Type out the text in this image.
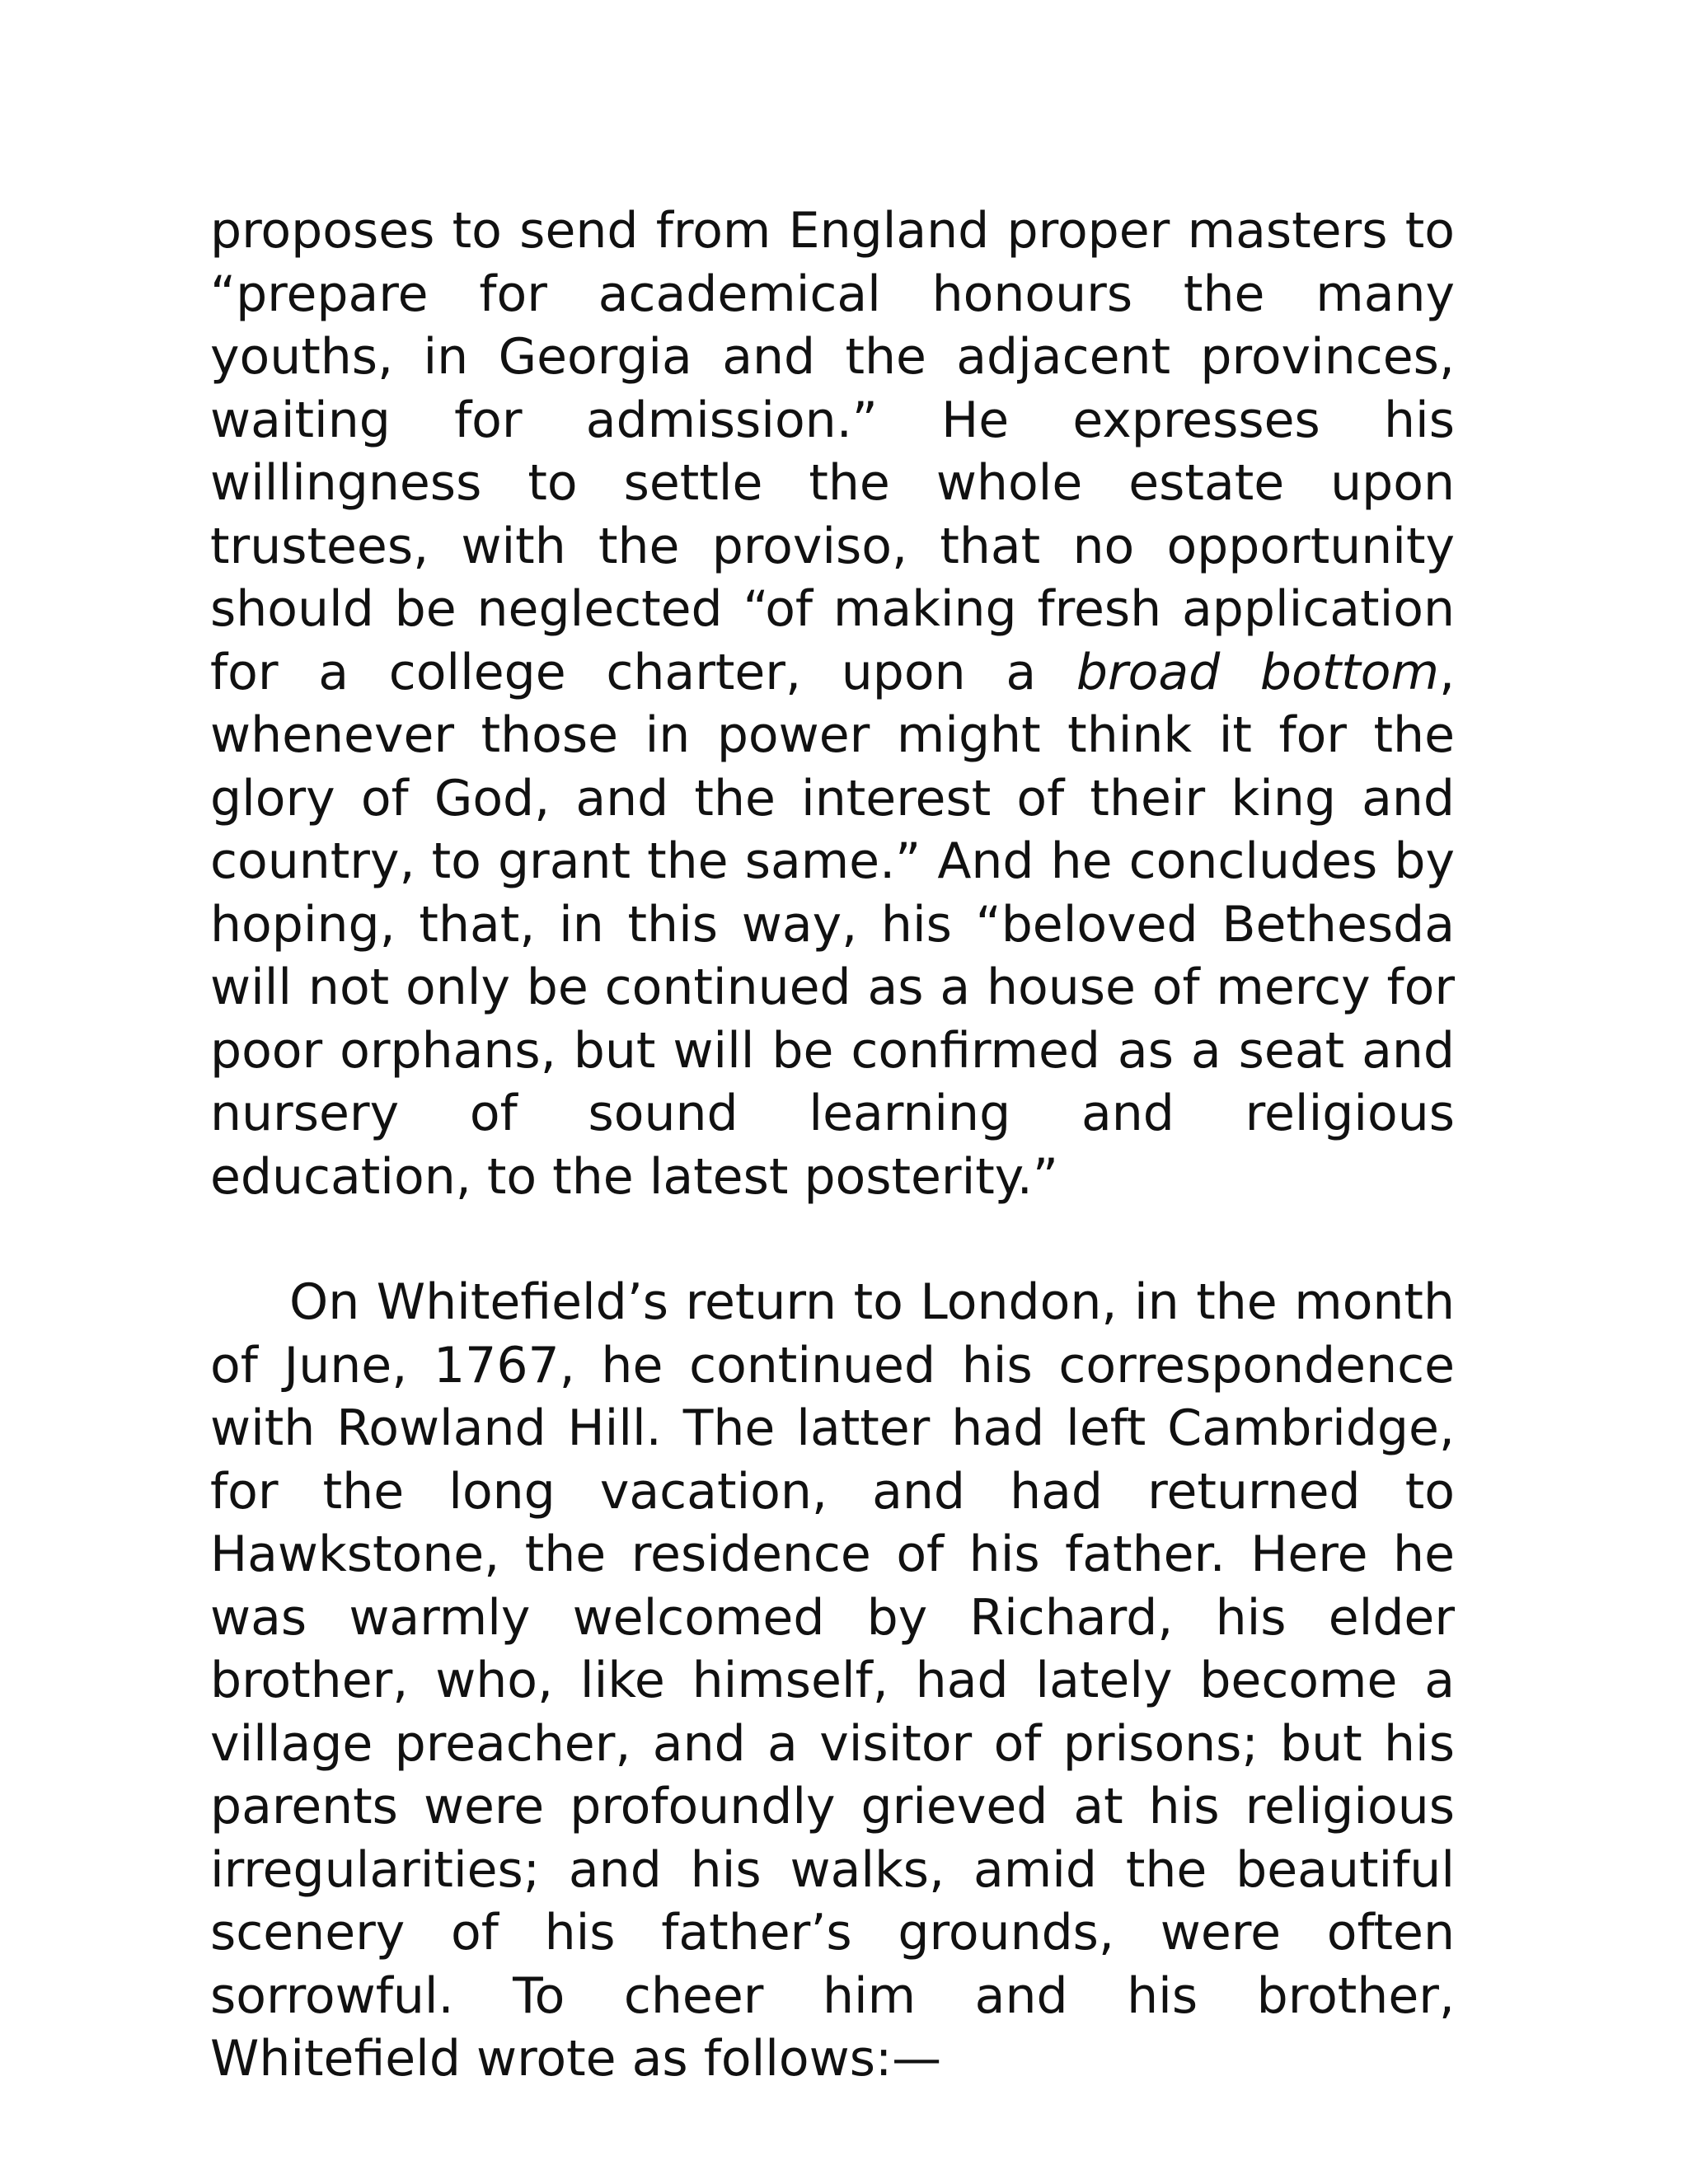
proposes to send from England proper masters to “prepare for academical honours the many youths, in Georgia and the adjacent provinces, waiting for admission.” He expresses his willingness to settle the whole estate upon trustees, with the proviso, that no opportunity should be neglected “of making fresh application for a college charter, upon a broad bottom, whenever those in power might think it for the glory of God, and the interest of their king and country, to grant the same.” And he concludes by hoping, that, in this way, his “beloved Bethesda will not only be continued as a house of mercy for poor orphans, but will be confirmed as a seat and nursery of sound learning and religious education, to the latest posterity.”

On Whitefield’s return to London, in the month of June, 1767, he continued his correspondence with Rowland Hill. The latter had left Cambridge, for the long vacation, and had returned to Hawkstone, the residence of his father. Here he was warmly welcomed by Richard, his elder brother, who, like himself, had lately become a village preacher, and a visitor of prisons; but his parents were profoundly grieved at his religious irregularities; and his walks, amid the beautiful scenery of his father’s grounds, were often sorrowful. To cheer him and his brother, Whitefield wrote as follows:—
